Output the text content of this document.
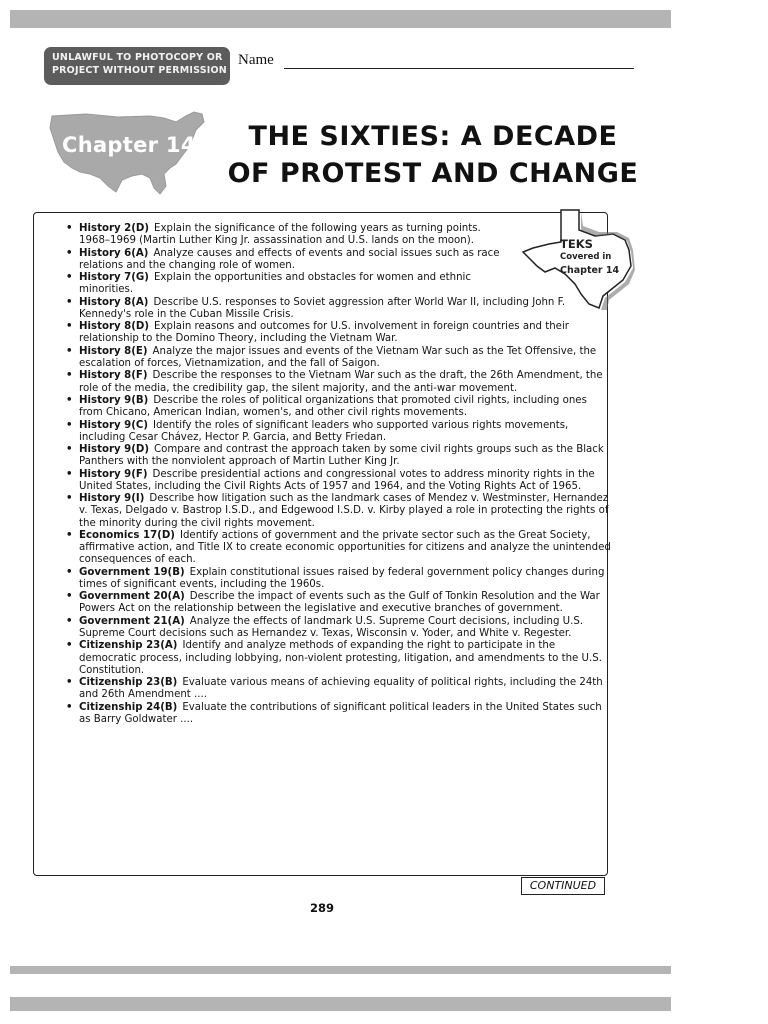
UNLAWFUL TO PHOTOCOPY OR
PROJECT WITHOUT PERMISSION
Name
Chapter 14	THE SIXTIES: A DECADE
OF PROTEST AND CHANGE
TEKS
Covered in
Chapter 14
• History 2(D) Explain the significance of the following years as turning points. 1968–1969 (Martin Luther King Jr. assassination and U.S. lands on the moon).
• History 6(A) Analyze causes and effects of events and social issues such as race relations and the changing role of women.
• History 7(G) Explain the opportunities and obstacles for women and ethnic minorities.
• History 8(A) Describe U.S. responses to Soviet aggression after World War II, including John F. Kennedy's role in the Cuban Missile Crisis.
• History 8(D) Explain reasons and outcomes for U.S. involvement in foreign countries and their relationship to the Domino Theory, including the Vietnam War.
• History 8(E) Analyze the major issues and events of the Vietnam War such as the Tet Offensive, the escalation of forces, Vietnamization, and the fall of Saigon.
• History 8(F) Describe the responses to the Vietnam War such as the draft, the 26th Amendment, the role of the media, the credibility gap, the silent majority, and the anti-war movement.
• History 9(B) Describe the roles of political organizations that promoted civil rights, including ones from Chicano, American Indian, women's, and other civil rights movements.
• History 9(C) Identify the roles of significant leaders who supported various rights movements, including Cesar Chávez, Hector P. Garcia, and Betty Friedan.
• History 9(D) Compare and contrast the approach taken by some civil rights groups such as the Black Panthers with the nonviolent approach of Martin Luther King Jr.
• History 9(F) Describe presidential actions and congressional votes to address minority rights in the United States, including the Civil Rights Acts of 1957 and 1964, and the Voting Rights Act of 1965.
• History 9(I) Describe how litigation such as the landmark cases of Mendez v. Westminster, Hernandez v. Texas, Delgado v. Bastrop I.S.D., and Edgewood I.S.D. v. Kirby played a role in protecting the rights of the minority during the civil rights movement.
• Economics 17(D) Identify actions of government and the private sector such as the Great Society, affirmative action, and Title IX to create economic opportunities for citizens and analyze the unintended consequences of each.
• Government 19(B) Explain constitutional issues raised by federal government policy changes during times of significant events, including the 1960s.
• Government 20(A) Describe the impact of events such as the Gulf of Tonkin Resolution and the War Powers Act on the relationship between the legislative and executive branches of government.
• Government 21(A) Analyze the effects of landmark U.S. Supreme Court decisions, including U.S. Supreme Court decisions such as Hernandez v. Texas, Wisconsin v. Yoder, and White v. Regester.
• Citizenship 23(A) Identify and analyze methods of expanding the right to participate in the democratic process, including lobbying, non-violent protesting, litigation, and amendments to the U.S. Constitution.
• Citizenship 23(B) Evaluate various means of achieving equality of political rights, including the 24th and 26th Amendment ....
• Citizenship 24(B) Evaluate the contributions of significant political leaders in the United States such as Barry Goldwater ....
CONTINUED
289
